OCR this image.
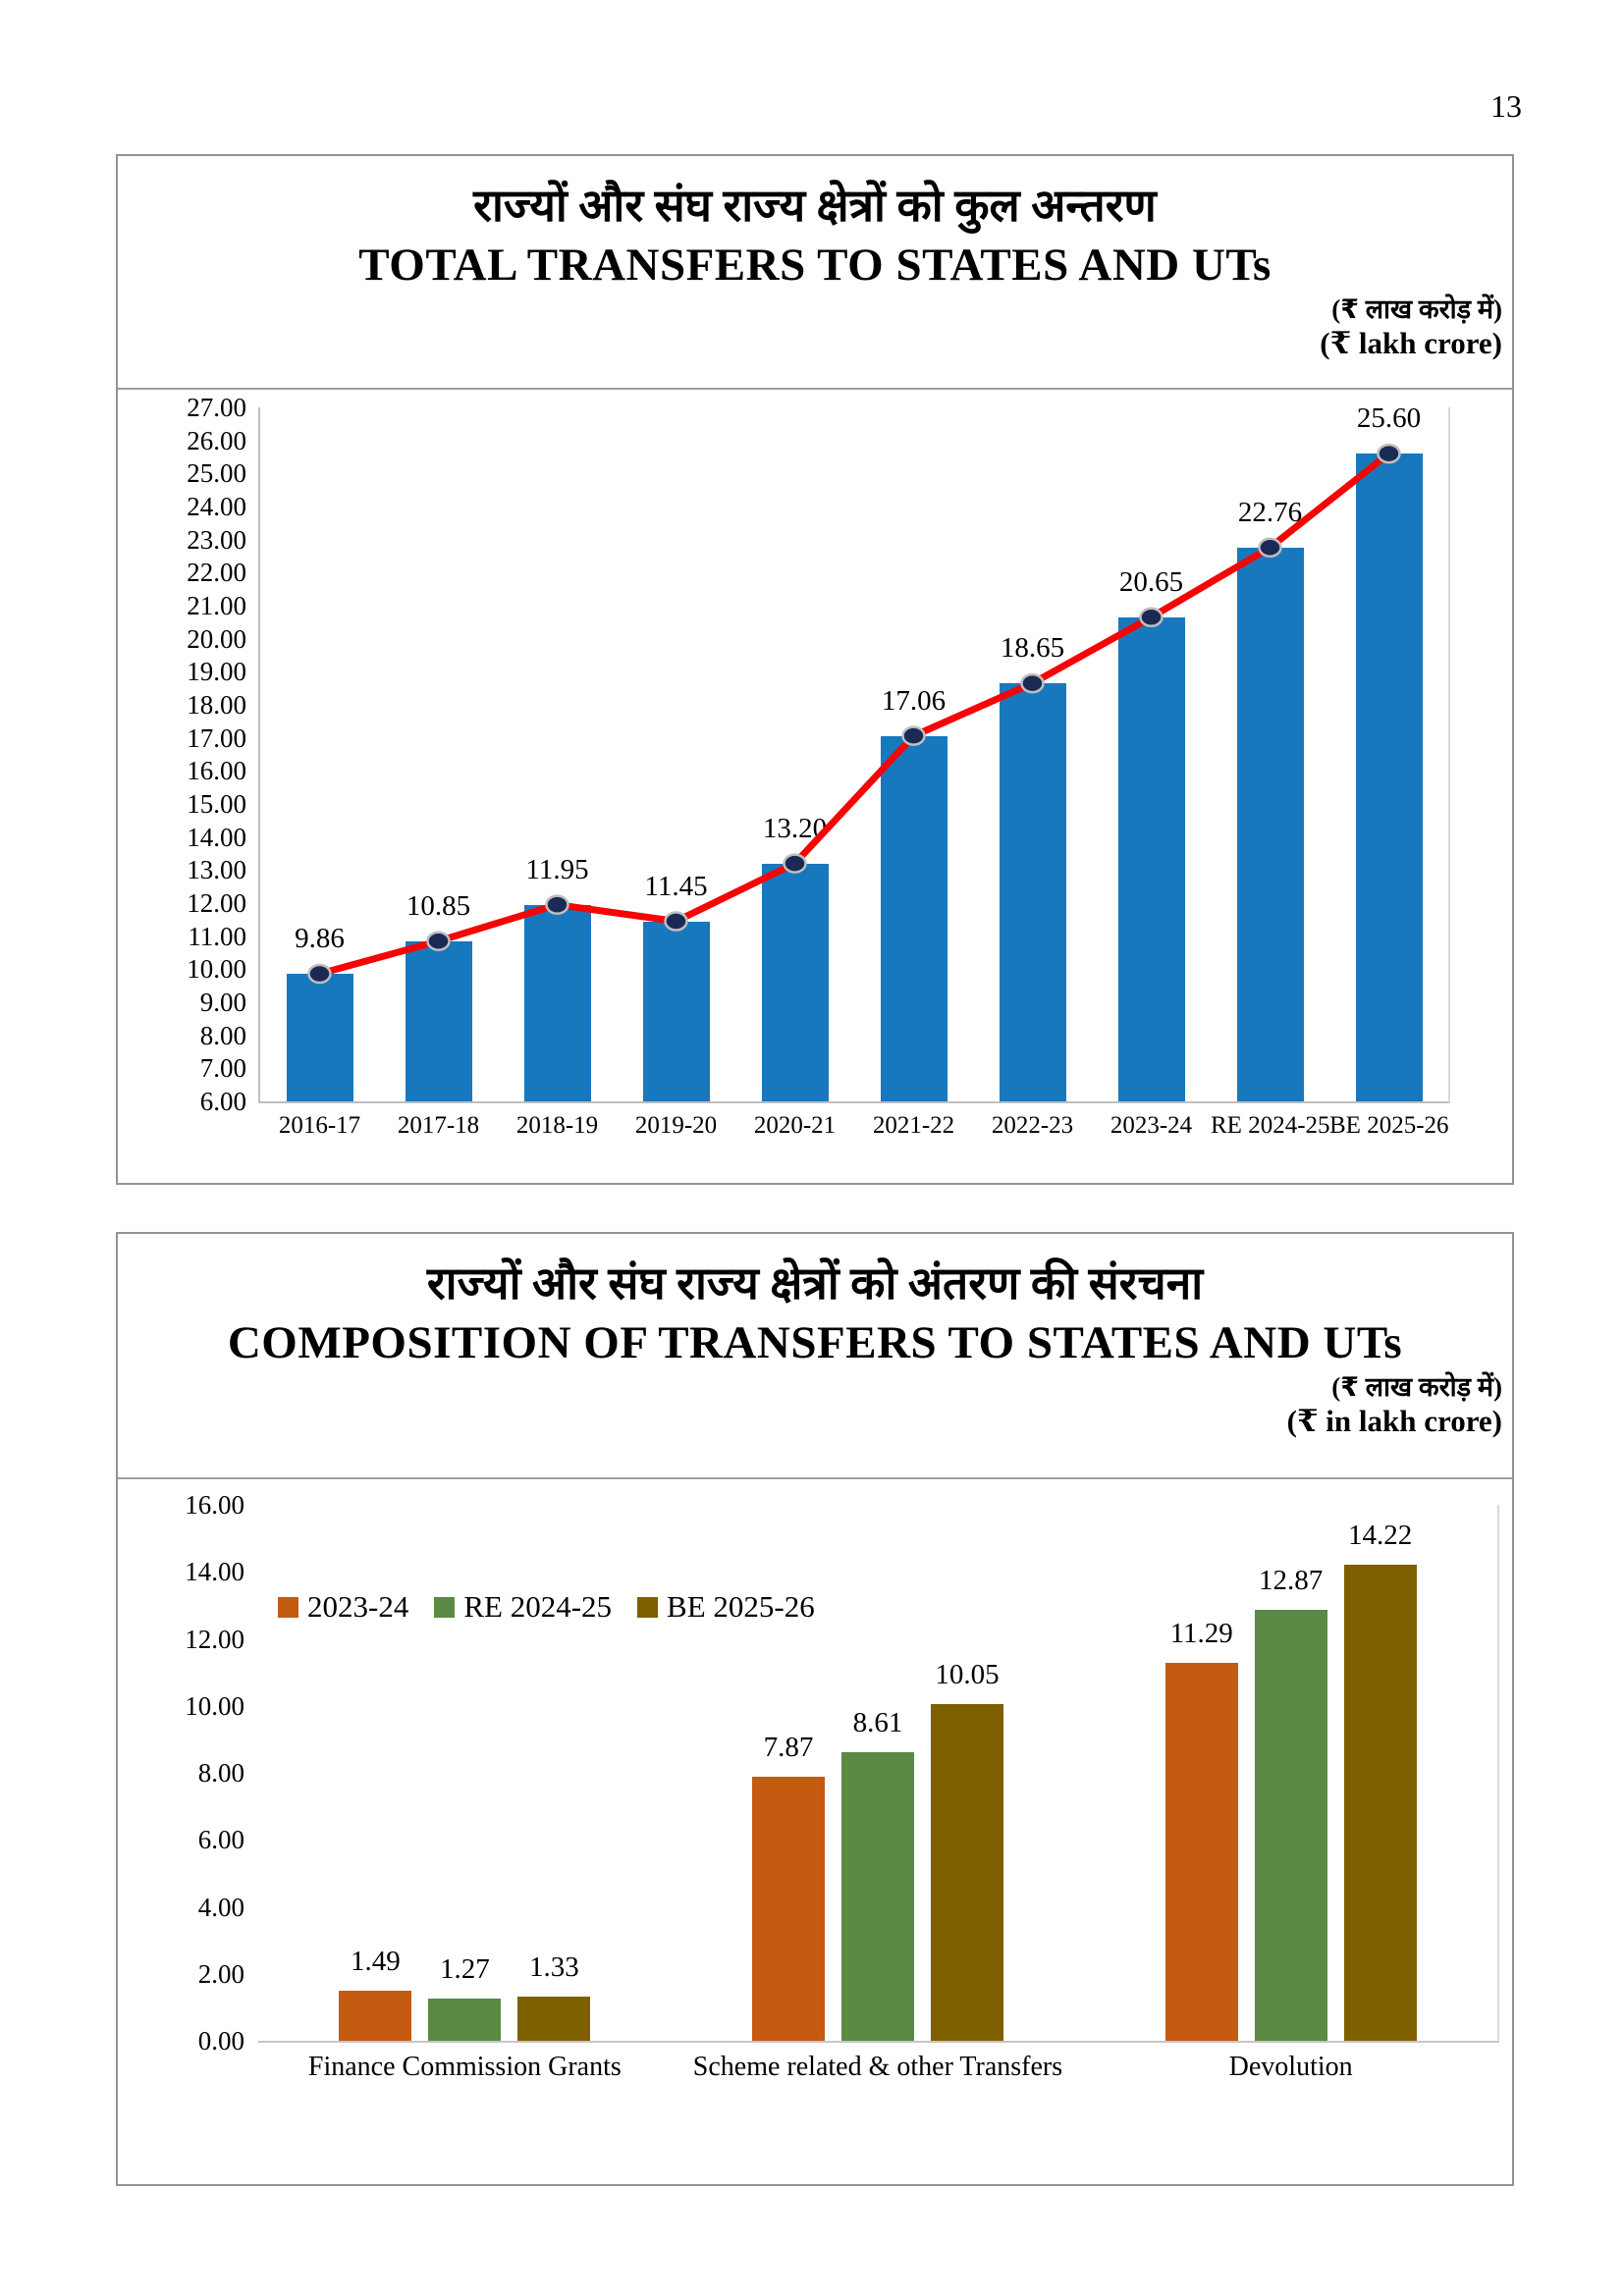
13
राज्यों और संघ राज्य क्षेत्रों को कुल अन्तरण
TOTAL TRANSFERS TO STATES AND UTs
(₹ लाख करोड़ में)
(₹ lakh crore)
27.00
26.00
25.00
24.00
23.00
22.00
21.00
20.00
19.00
18.00
17.00
16.00
15.00
14.00
13.00
12.00
11.00
10.00
9.00
8.00
7.00
6.00
9.86
2016-17
10.85
2017-18
11.95
2018-19
11.45
2019-20
13.20
2020-21
17.06
2021-22
18.65
2022-23
20.65
2023-24
22.76
RE 2024-25
25.60
BE 2025-26
राज्यों और संघ राज्य क्षेत्रों को अंतरण की संरचना
COMPOSITION OF TRANSFERS TO STATES AND UTs
(₹ लाख करोड़ में)
(₹ in lakh crore)
16.00
14.00
12.00
10.00
8.00
6.00
4.00
2.00
0.00
1.49	1.27	1.33
Finance Commission Grants
7.87
8.61
10.05
Scheme related & other Transfers
11.29
12.87
14.22
Devolution
2023-24 RE 2024-25 BE 2025-26
